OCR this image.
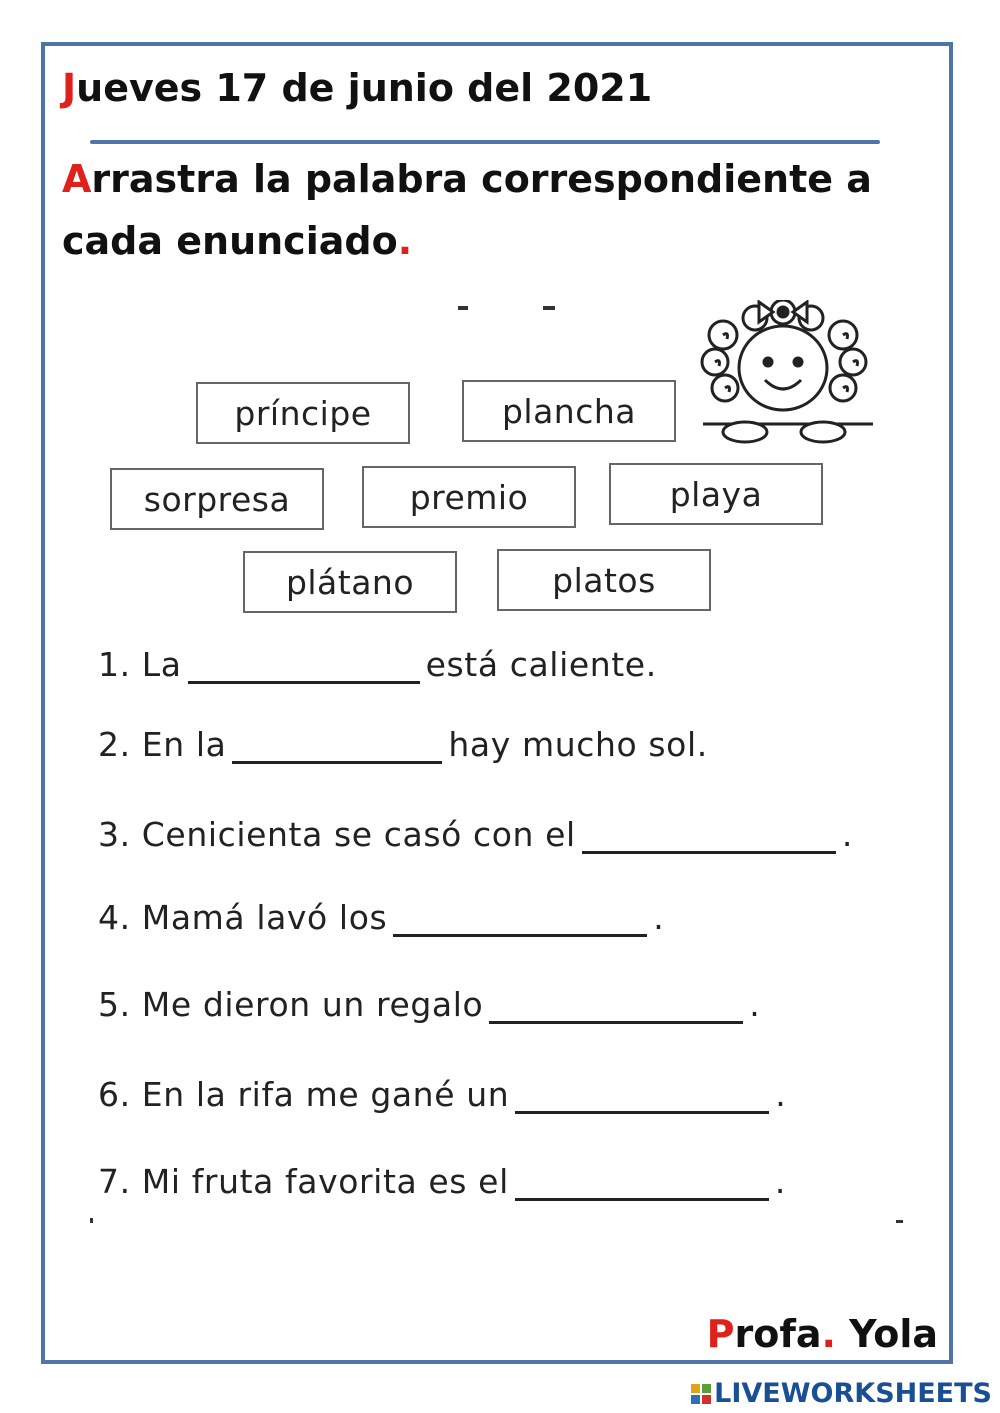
Jueves 17 de junio del 2021
Arrastra la palabra correspondiente a cada enunciado.
príncipe	plancha
sorpresa	premio	playa
plátano	platos
1. La	está caliente.
2. En la	hay mucho sol.
3. Cenicienta se casó con el	.
4. Mamá lavó los	.
5. Me dieron un regalo	.
6. En la rifa me gané un	.
7. Mi fruta favorita es el	.
Profa. Yola
LIVEWORKSHEETS
